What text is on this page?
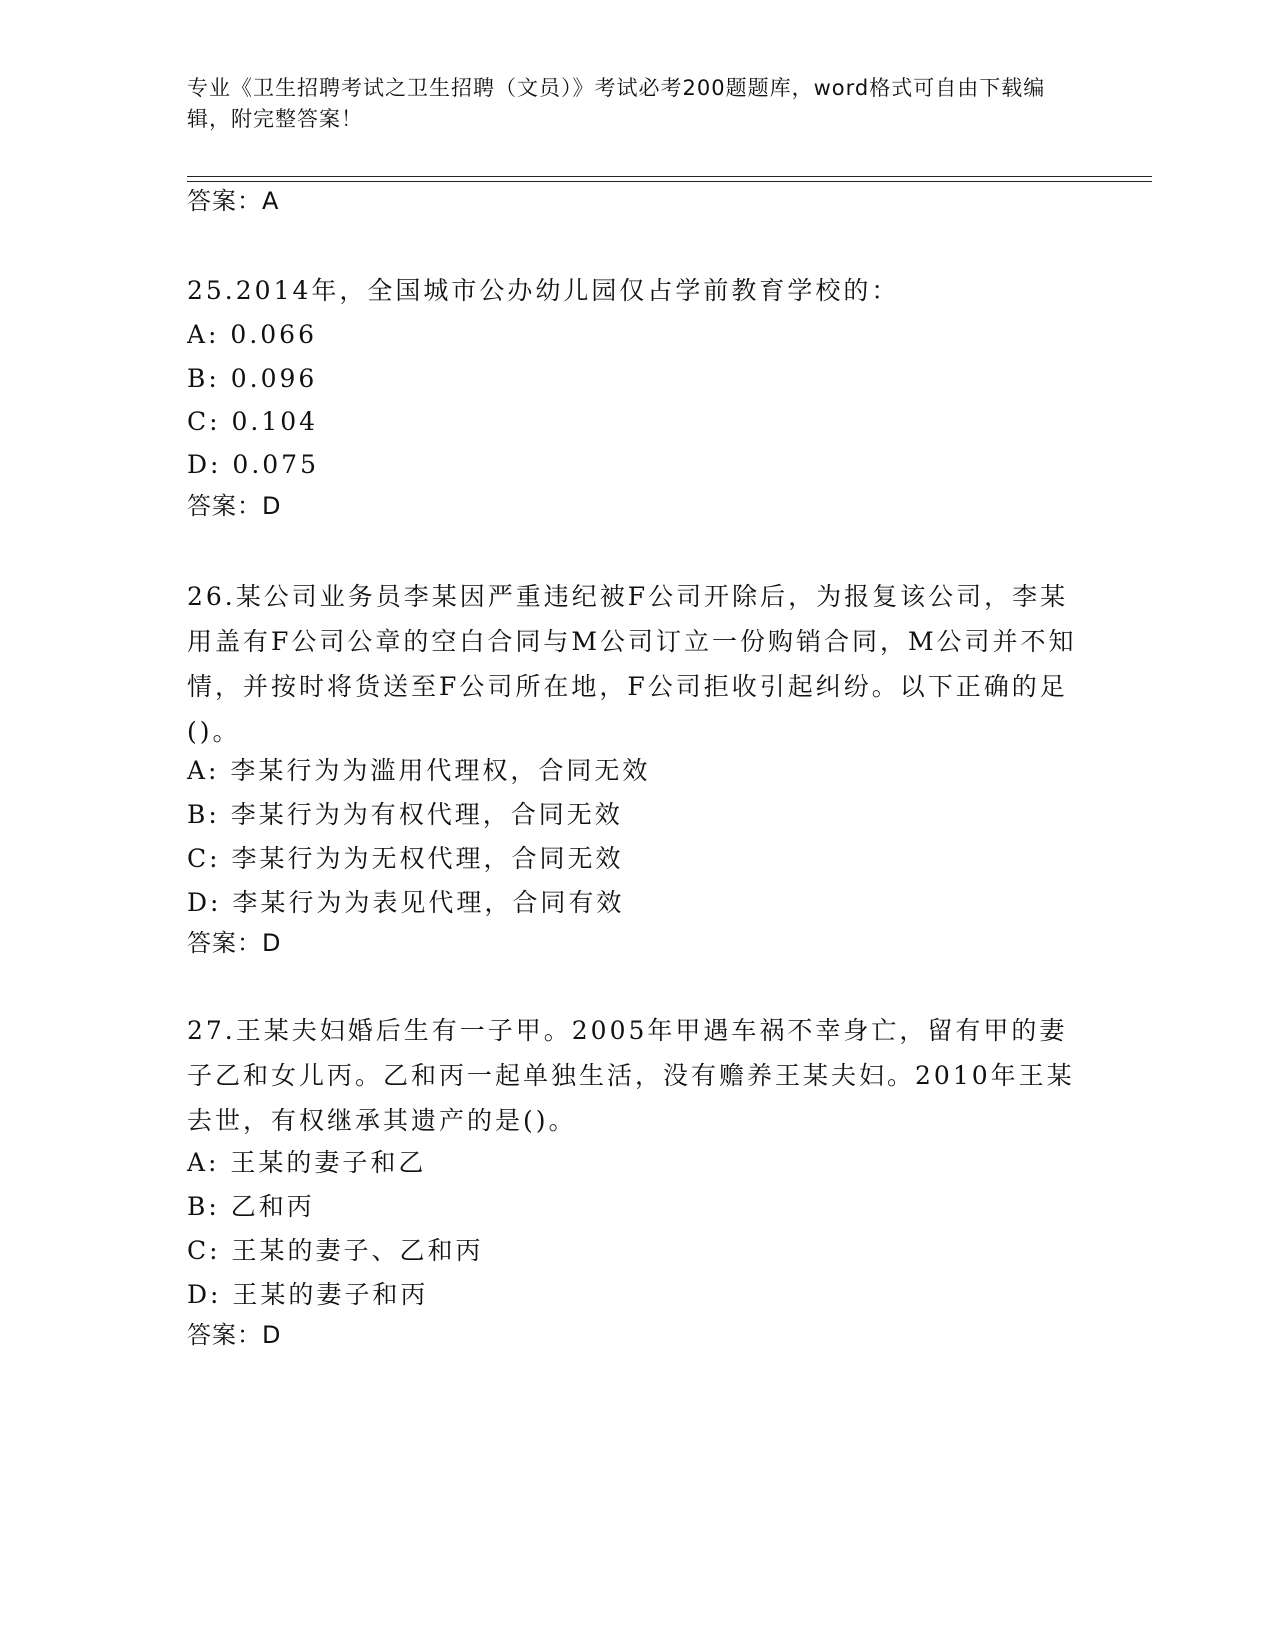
专业《卫生招聘考试之卫生招聘（文员）》考试必考200题题库，word格式可自由下载编辑，附完整答案！
答案：A
25.2014年，全国城市公办幼儿园仅占学前教育学校的：
A: 0.066
B: 0.096
C: 0.104
D: 0.075
答案：D
26.某公司业务员李某因严重违纪被F公司开除后，为报复该公司，李某用盖有F公司公章的空白合同与M公司订立一份购销合同，M公司并不知情，并按时将货送至F公司所在地，F公司拒收引起纠纷。以下正确的足()。
A: 李某行为为滥用代理权，合同无效
B: 李某行为为有权代理，合同无效
C: 李某行为为无权代理，合同无效
D: 李某行为为表见代理，合同有效
答案：D
27.王某夫妇婚后生有一子甲。2005年甲遇车祸不幸身亡，留有甲的妻子乙和女儿丙。乙和丙一起单独生活，没有赡养王某夫妇。2010年王某去世，有权继承其遗产的是()。
A: 王某的妻子和乙
B: 乙和丙
C: 王某的妻子、乙和丙
D: 王某的妻子和丙
答案：D
